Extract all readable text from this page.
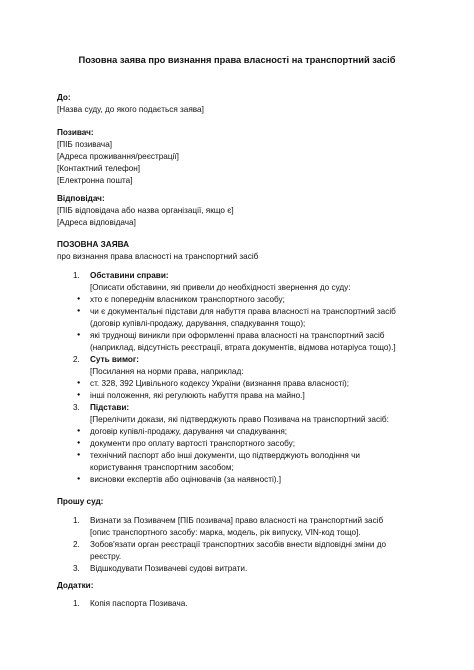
Позовна заява про визнання права власності на транспортний засіб
До:
[Назва суду, до якого подається заява]
Позивач:
[ПІБ позивача]
[Адреса проживання/реєстрації]
[Контактний телефон]
[Електронна пошта]
Відповідач:
[ПІБ відповідача або назва організації, якщо є]
[Адреса відповідача]
ПОЗОВНА ЗАЯВА
про визнання права власності на транспортний засіб
1. Обставини справи:
[Описати обставини, які привели до необхідності звернення до суду:
● хто є попереднім власником транспортного засобу;
● чи є документальні підстави для набуття права власності на транспортний засіб
(договір купівлі-продажу, дарування, спадкування тощо);
● які труднощі виникли при оформленні права власності на транспортний засіб
(наприклад, відсутність реєстрації, втрата документів, відмова нотаріуса тощо).]
2. Суть вимог:
[Посилання на норми права, наприклад:
● ст. 328, 392 Цивільного кодексу України (визнання права власності);
● інші положення, які регулюють набуття права на майно.]
3. Підстави:
[Перелічити докази, які підтверджують право Позивача на транспортний засіб:
● договір купівлі-продажу, дарування чи спадкування;
● документи про оплату вартості транспортного засобу;
● технічний паспорт або інші документи, що підтверджують володіння чи
користування транспортним засобом;
● висновки експертів або оцінювачів (за наявності).]
Прошу суд:
1. Визнати за Позивачем [ПІБ позивача] право власності на транспортний засіб
[опис транспортного засобу: марка, модель, рік випуску, VIN-код тощо].
2. Зобов'язати орган реєстрації транспортних засобів внести відповідні зміни до
реєстру.
3. Відшкодувати Позивачеві судові витрати.
Додатки:
1. Копія паспорта Позивача.
